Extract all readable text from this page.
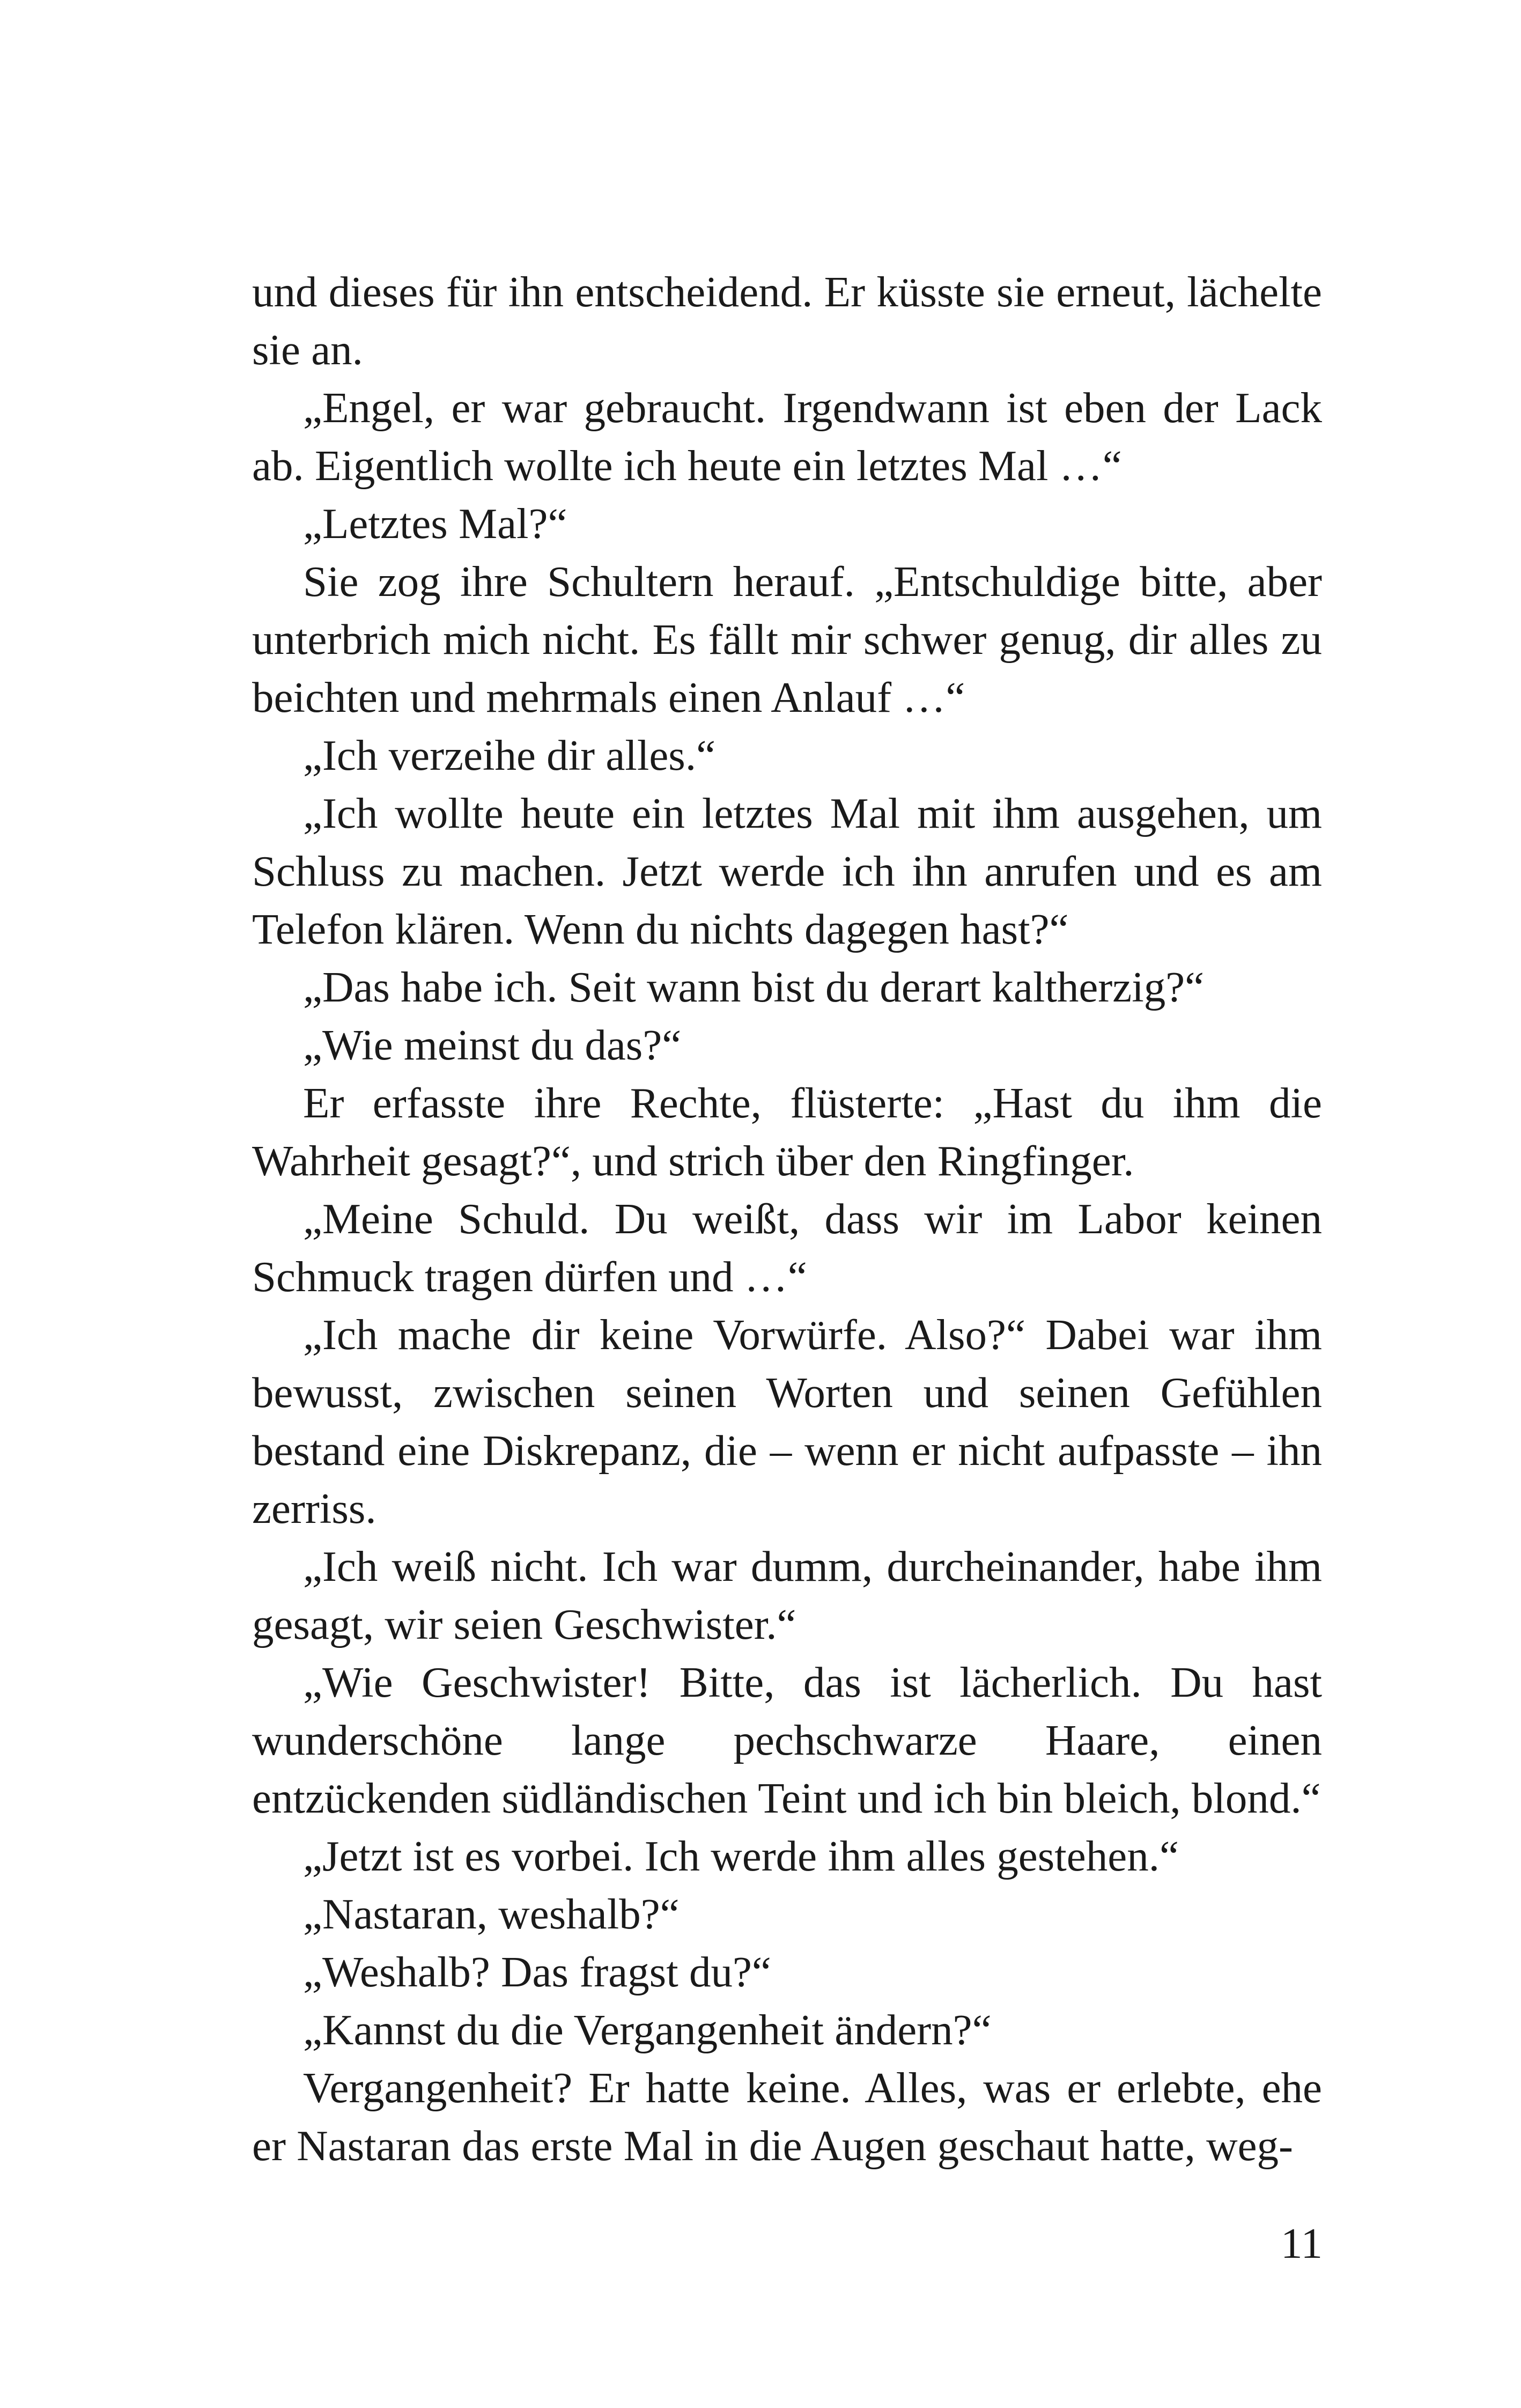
und dieses für ihn entscheidend. Er küsste sie erneut, lächelte sie an.

„Engel, er war gebraucht. Irgendwann ist eben der Lack ab. Eigentlich wollte ich heute ein letztes Mal …“

„Letztes Mal?“

Sie zog ihre Schultern herauf. „Entschuldige bitte, aber unterbrich mich nicht. Es fällt mir schwer genug, dir alles zu beichten und mehrmals einen Anlauf …“

„Ich verzeihe dir alles.“

„Ich wollte heute ein letztes Mal mit ihm ausgehen, um Schluss zu machen. Jetzt werde ich ihn anrufen und es am Telefon klären. Wenn du nichts dagegen hast?“

„Das habe ich. Seit wann bist du derart kaltherzig?“

„Wie meinst du das?“

Er erfasste ihre Rechte, flüsterte: „Hast du ihm die Wahrheit gesagt?“, und strich über den Ringfinger.

„Meine Schuld. Du weißt, dass wir im Labor keinen Schmuck tragen dürfen und …“

„Ich mache dir keine Vorwürfe. Also?“ Dabei war ihm bewusst, zwischen seinen Worten und seinen Gefühlen bestand eine Diskrepanz, die – wenn er nicht aufpasste – ihn zerriss.

„Ich weiß nicht. Ich war dumm, durcheinander, habe ihm gesagt, wir seien Geschwister.“

„Wie Geschwister! Bitte, das ist lächerlich. Du hast wunderschöne lange pechschwarze Haare, einen entzückenden südländischen Teint und ich bin bleich, blond.“

„Jetzt ist es vorbei. Ich werde ihm alles gestehen.“

„Nastaran, weshalb?“

„Weshalb? Das fragst du?“

„Kannst du die Vergangenheit ändern?“

Vergangenheit? Er hatte keine. Alles, was er erlebte, ehe er Nastaran das erste Mal in die Augen geschaut hatte, weg-

11
